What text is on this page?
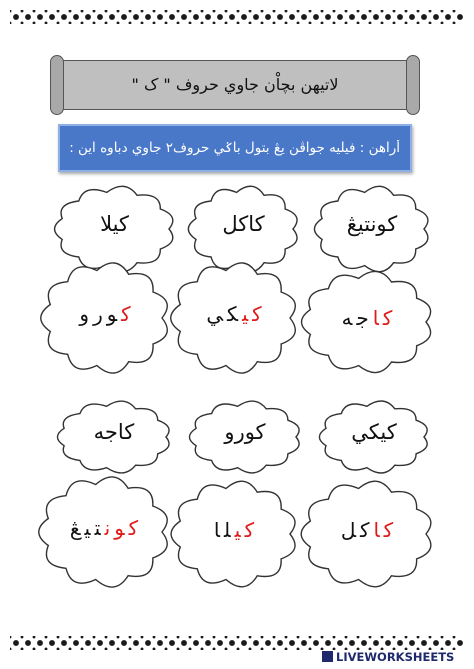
لاتيهن بچاْن جاوي حروف " ک "
أراهن : فيليه جواڤن يڠ بتول باݢي حروف٢ جاوي دباوه اين :
كونتيڠ
كاكل
كيلا
كاجه
كيكي
كورو
كيكي
كورو
كاجه
كاكل
كيلا
كونتيڠ
LIVEWORKSHEETS
